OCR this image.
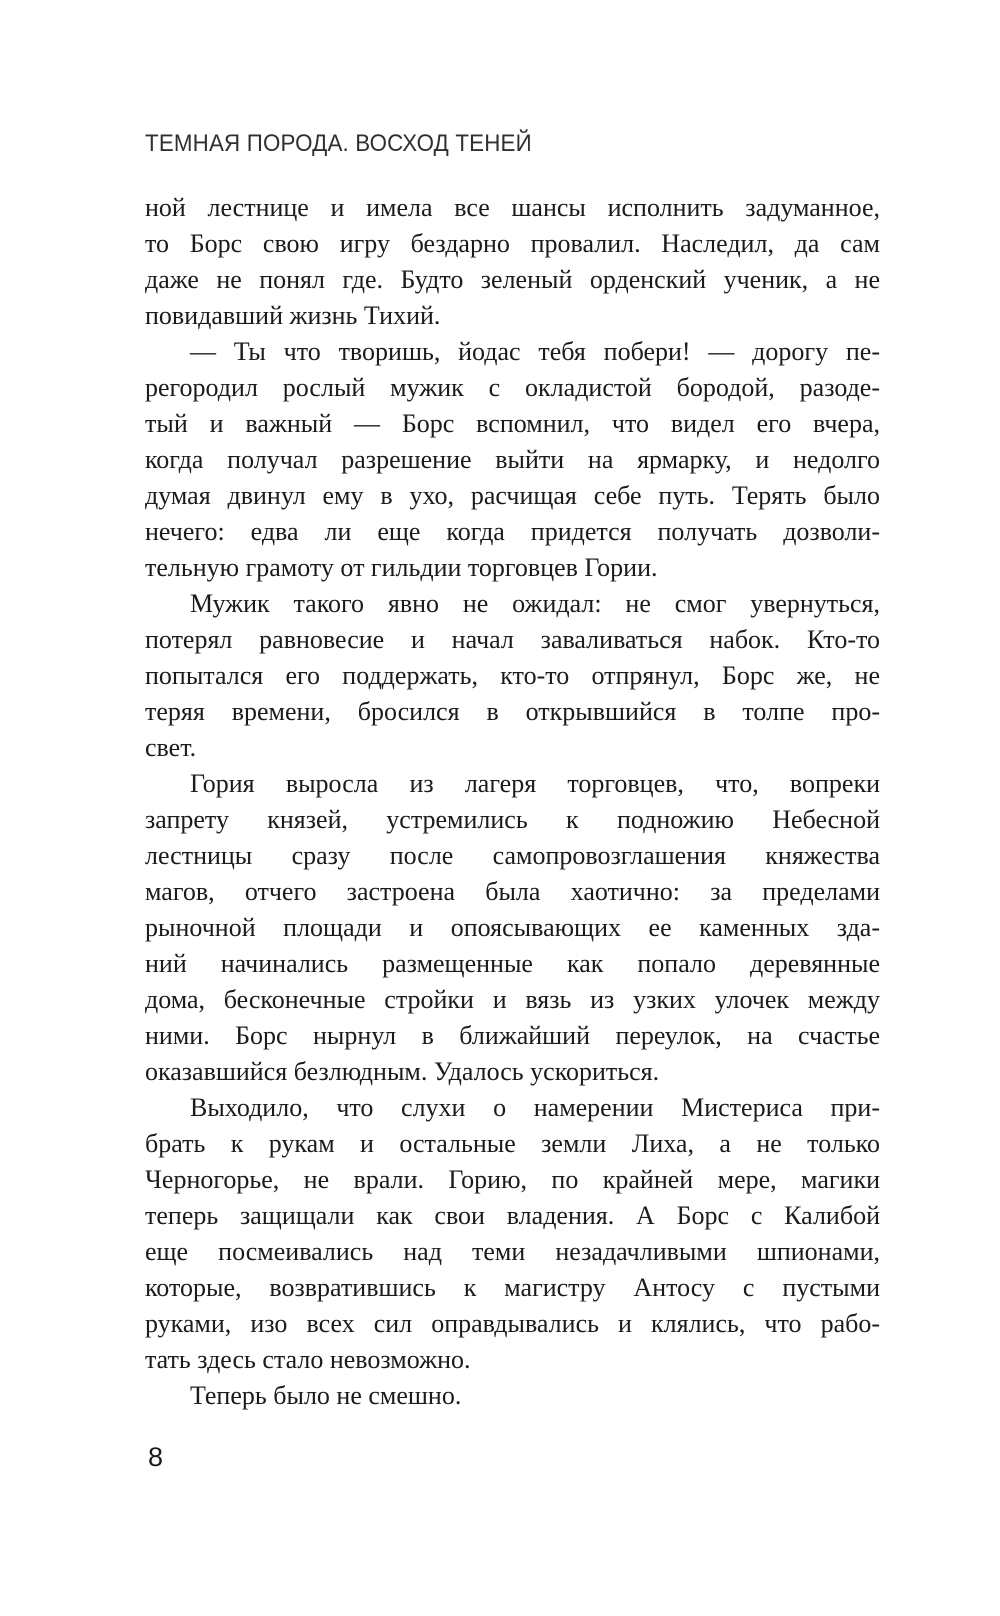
ТЕМНАЯ ПОРОДА. ВОСХОД ТЕНЕЙ
ной лестнице и имела все шансы исполнить задуманное,
то Борс свою игру бездарно провалил. Наследил, да сам
даже не понял где. Будто зеленый орденский ученик, а не
повидавший жизнь Тихий.
— Ты что творишь, йодас тебя побери! — дорогу пе-
регородил рослый мужик с окладистой бородой, разоде-
тый и важный — Борс вспомнил, что видел его вчера,
когда получал разрешение выйти на ярмарку, и недолго
думая двинул ему в ухо, расчищая себе путь. Терять было
нечего: едва ли еще когда придется получать дозволи-
тельную грамоту от гильдии торговцев Гории.
Мужик такого явно не ожидал: не смог увернуться,
потерял равновесие и начал заваливаться набок. Кто-то
попытался его поддержать, кто-то отпрянул, Борс же, не
теряя времени, бросился в открывшийся в толпе про-
свет.
Гория выросла из лагеря торговцев, что, вопреки
запрету князей, устремились к подножию Небесной
лестницы сразу после самопровозглашения княжества
магов, отчего застроена была хаотично: за пределами
рыночной площади и опоясывающих ее каменных зда-
ний начинались размещенные как попало деревянные
дома, бесконечные стройки и вязь из узких улочек между
ними. Борс нырнул в ближайший переулок, на счастье
оказавшийся безлюдным. Удалось ускориться.
Выходило, что слухи о намерении Мистериса при-
брать к рукам и остальные земли Лиха, а не только
Черногорье, не врали. Горию, по крайней мере, магики
теперь защищали как свои владения. А Борс с Калибой
еще посмеивались над теми незадачливыми шпионами,
которые, возвратившись к магистру Антосу с пустыми
руками, изо всех сил оправдывались и клялись, что рабо-
тать здесь стало невозможно.
Теперь было не смешно.
8
